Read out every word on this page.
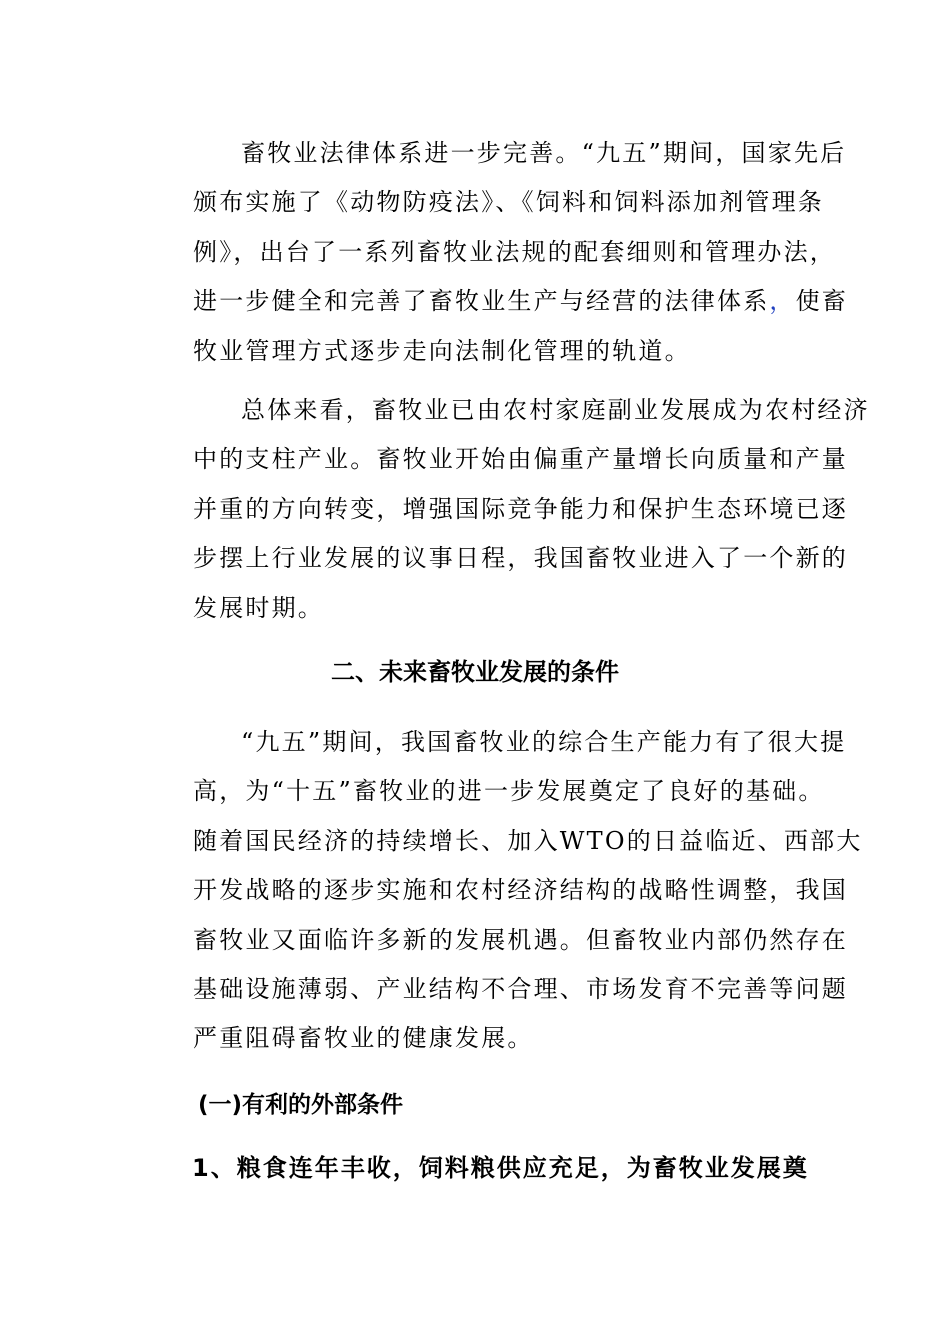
畜牧业法律体系进一步完善。“九五”期间，国家先后
颁布实施了《动物防疫法》、《饲料和饲料添加剂管理条
例》，出台了一系列畜牧业法规的配套细则和管理办法，
进一步健全和完善了畜牧业生产与经营的法律体系，使畜
牧业管理方式逐步走向法制化管理的轨道。
总体来看，畜牧业已由农村家庭副业发展成为农村经济
中的支柱产业。畜牧业开始由偏重产量增长向质量和产量
并重的方向转变，增强国际竞争能力和保护生态环境已逐
步摆上行业发展的议事日程，我国畜牧业进入了一个新的
发展时期。
二、未来畜牧业发展的条件
“九五”期间，我国畜牧业的综合生产能力有了很大提
高，为“十五”畜牧业的进一步发展奠定了良好的基础。
随着国民经济的持续增长、加入WTO的日益临近、西部大
开发战略的逐步实施和农村经济结构的战略性调整，我国
畜牧业又面临许多新的发展机遇。但畜牧业内部仍然存在
基础设施薄弱、产业结构不合理、市场发育不完善等问题
严重阻碍畜牧业的健康发展。
(一)有利的外部条件
1、粮食连年丰收，饲料粮供应充足，为畜牧业发展奠
